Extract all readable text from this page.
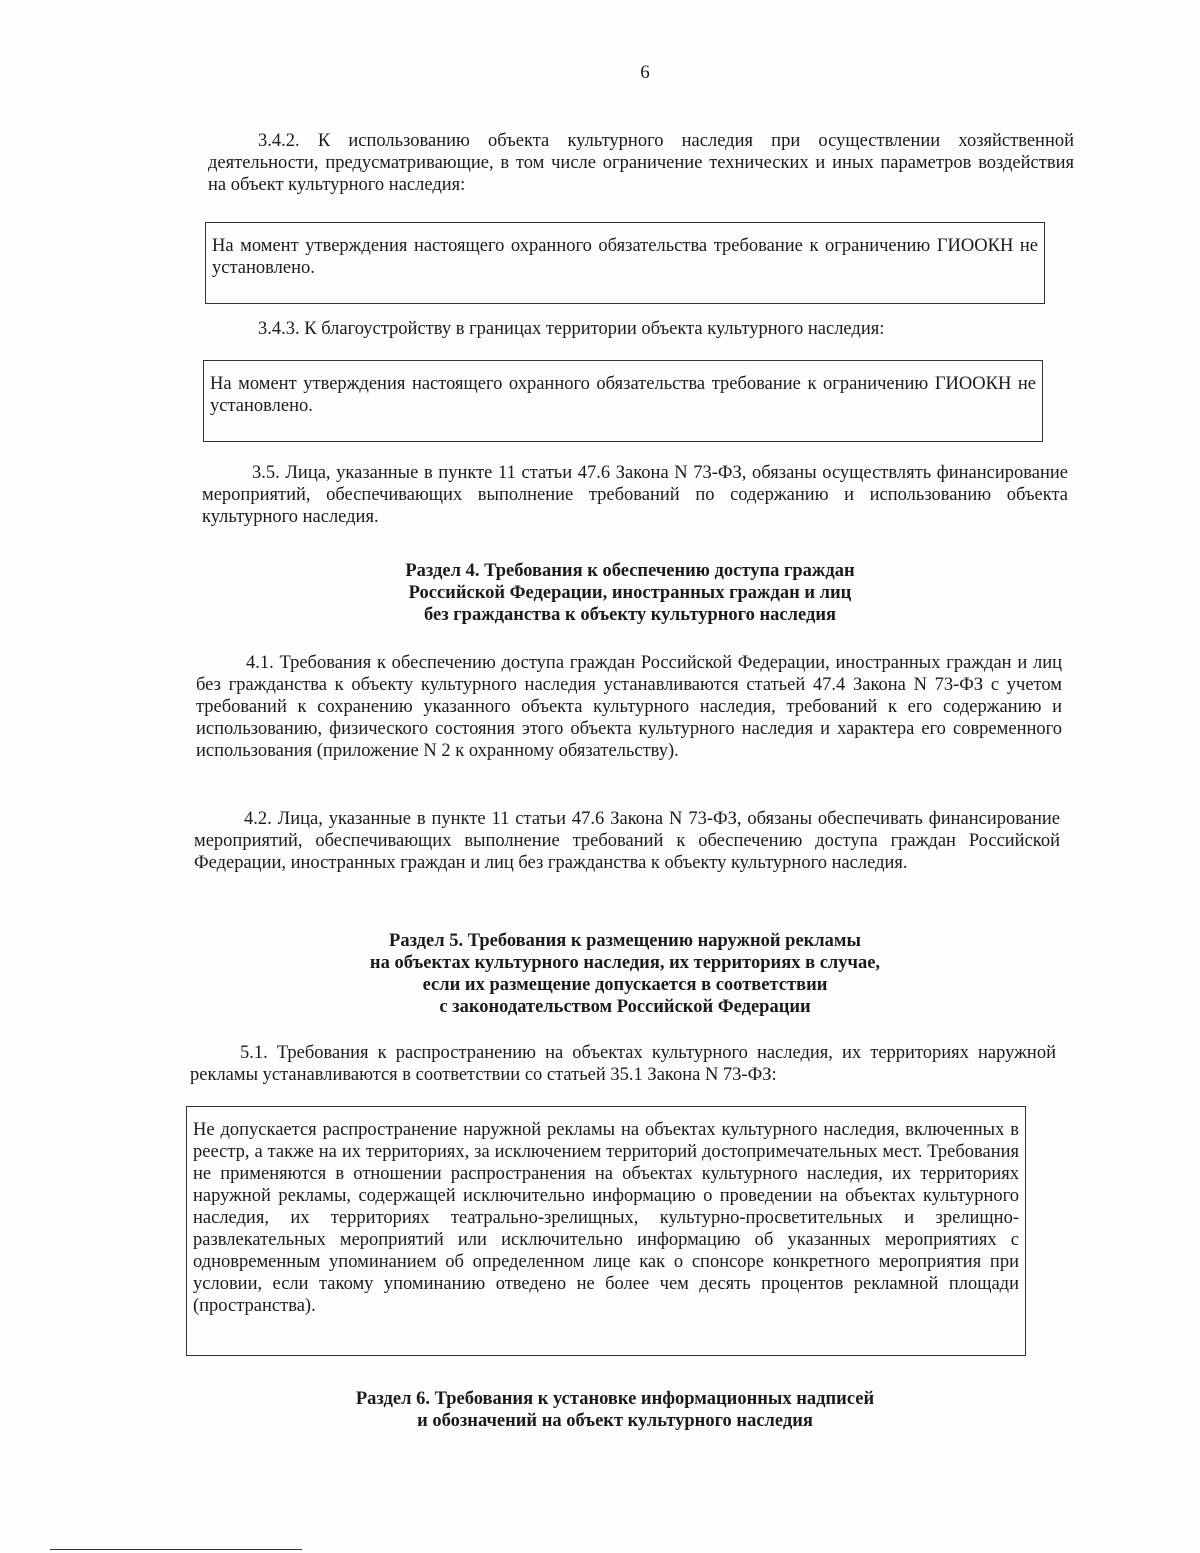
6

3.4.2. К использованию объекта культурного наследия при осуществлении хозяйственной деятельности, предусматривающие, в том числе ограничение технических и иных параметров воздействия на объект культурного наследия:

На момент утверждения настоящего охранного обязательства требование к ограничению ГИООКН не установлено.

3.4.3. К благоустройству в границах территории объекта культурного наследия:

На момент утверждения настоящего охранного обязательства требование к ограничению ГИООКН не установлено.

3.5. Лица, указанные в пункте 11 статьи 47.6 Закона N 73-ФЗ, обязаны осуществлять финансирование мероприятий, обеспечивающих выполнение требований по содержанию и использованию объекта культурного наследия.

Раздел 4. Требования к обеспечению доступа граждан
Российской Федерации, иностранных граждан и лиц
без гражданства к объекту культурного наследия

4.1. Требования к обеспечению доступа граждан Российской Федерации, иностранных граждан и лиц без гражданства к объекту культурного наследия устанавливаются статьей 47.4 Закона N 73-ФЗ с учетом требований к сохранению указанного объекта культурного наследия, требований к его содержанию и использованию, физического состояния этого объекта культурного наследия и характера его современного использования (приложение N 2 к охранному обязательству).

4.2. Лица, указанные в пункте 11 статьи 47.6 Закона N 73-ФЗ, обязаны обеспечивать финансирование мероприятий, обеспечивающих выполнение требований к обеспечению доступа граждан Российской Федерации, иностранных граждан и лиц без гражданства к объекту культурного наследия.

Раздел 5. Требования к размещению наружной рекламы
на объектах культурного наследия, их территориях в случае,
если их размещение допускается в соответствии
с законодательством Российской Федерации

5.1. Требования к распространению на объектах культурного наследия, их территориях наружной рекламы устанавливаются в соответствии со статьей 35.1 Закона N 73-ФЗ:

Не допускается распространение наружной рекламы на объектах культурного наследия, включенных в реестр, а также на их территориях, за исключением территорий достопримечательных мест. Требования не применяются в отношении распространения на объектах культурного наследия, их территориях наружной рекламы, содержащей исключительно информацию о проведении на объектах культурного наследия, их территориях театрально-зрелищных, культурно-просветительных и зрелищно-развлекательных мероприятий или исключительно информацию об указанных мероприятиях с одновременным упоминанием об определенном лице как о спонсоре конкретного мероприятия при условии, если такому упоминанию отведено не более чем десять процентов рекламной площади (пространства).

Раздел 6. Требования к установке информационных надписей
и обозначений на объект культурного наследия
